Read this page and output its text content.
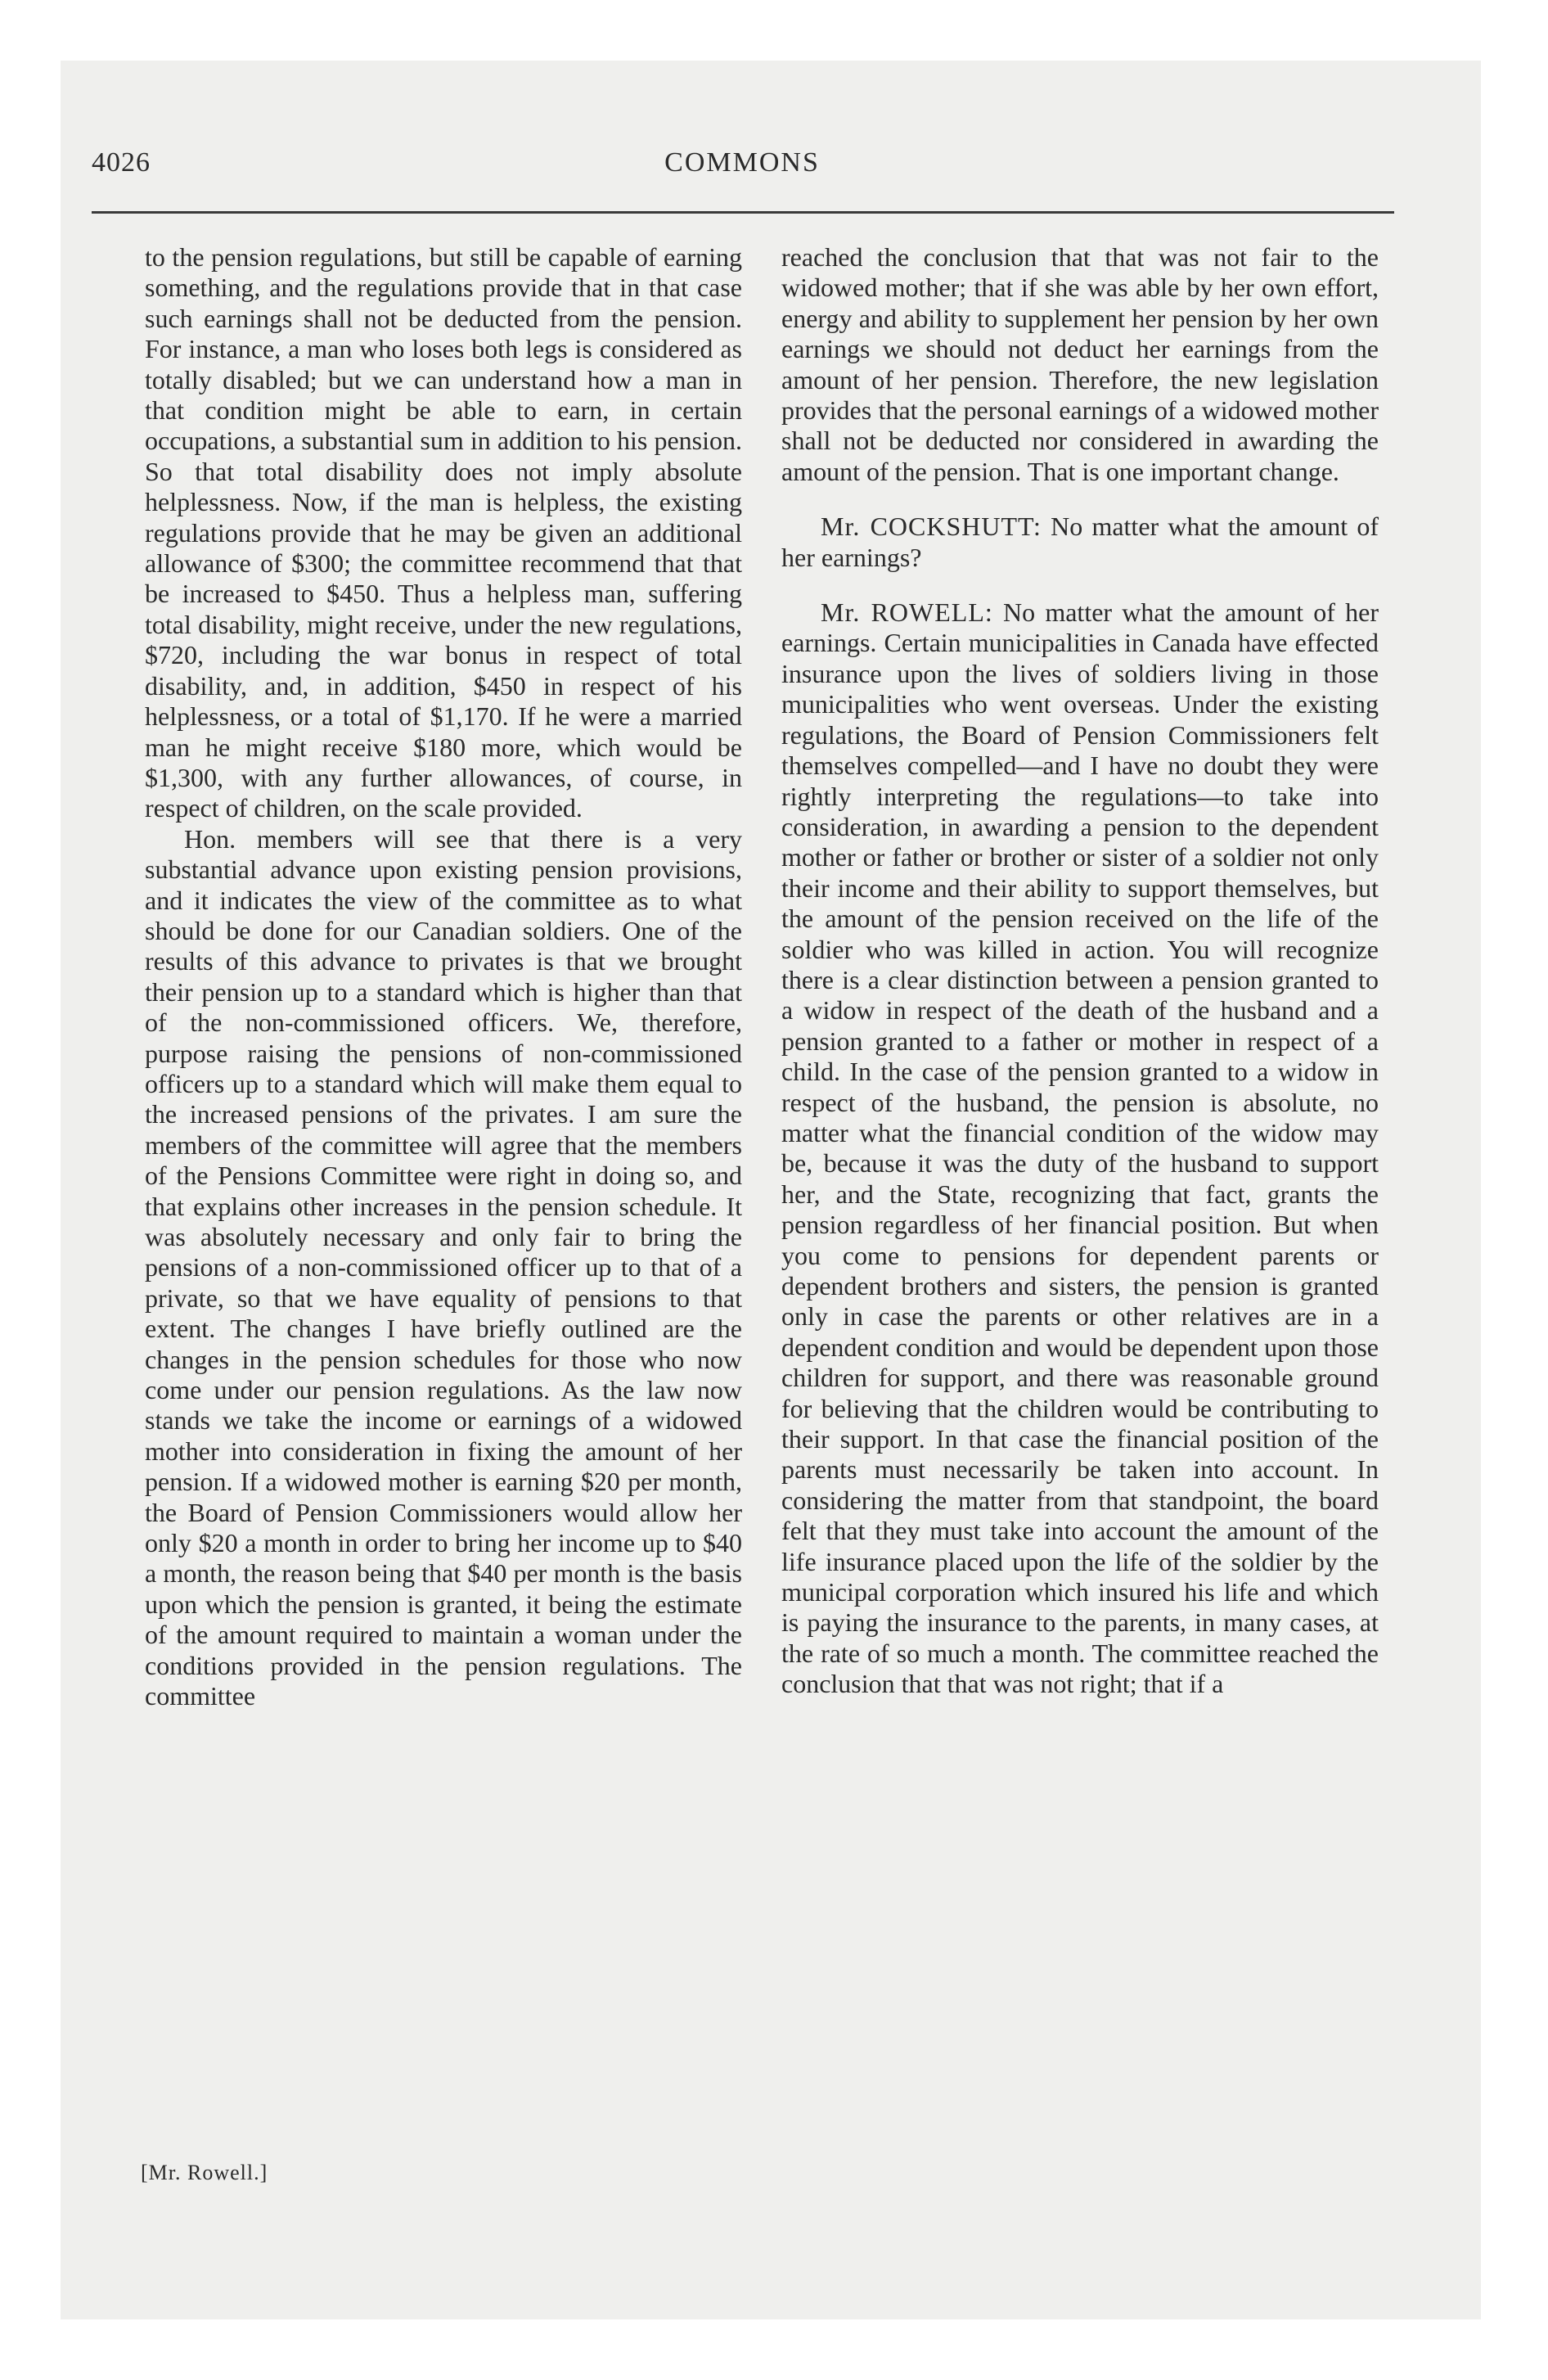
4026	COMMONS

to the pension regulations, but still be capable of earning something, and the regulations provide that in that case such earnings shall not be deducted from the pension. For instance, a man who loses both legs is considered as totally disabled; but we can understand how a man in that condition might be able to earn, in certain occupations, a substantial sum in addition to his pension. So that total disability does not imply absolute helplessness. Now, if the man is helpless, the existing regulations provide that he may be given an additional allowance of $300; the committee recommend that that be increased to $450. Thus a helpless man, suffering total disability, might receive, under the new regulations, $720, including the war bonus in respect of total disability, and, in addition, $450 in respect of his helplessness, or a total of $1,170. If he were a married man he might receive $180 more, which would be $1,300, with any further allowances, of course, in respect of children, on the scale provided.

Hon. members will see that there is a very substantial advance upon existing pension provisions, and it indicates the view of the committee as to what should be done for our Canadian soldiers. One of the results of this advance to privates is that we brought their pension up to a standard which is higher than that of the non-commissioned officers. We, therefore, purpose raising the pensions of non-commissioned officers up to a standard which will make them equal to the increased pensions of the privates. I am sure the members of the committee will agree that the members of the Pensions Committee were right in doing so, and that explains other increases in the pension schedule. It was absolutely necessary and only fair to bring the pensions of a non-commissioned officer up to that of a private, so that we have equality of pensions to that extent. The changes I have briefly outlined are the changes in the pension schedules for those who now come under our pension regulations. As the law now stands we take the income or earnings of a widowed mother into consideration in fixing the amount of her pension. If a widowed mother is earning $20 per month, the Board of Pension Commissioners would allow her only $20 a month in order to bring her income up to $40 a month, the reason being that $40 per month is the basis upon which the pension is granted, it being the estimate of the amount required to maintain a woman under the conditions provided in the pension regulations. The committee

reached the conclusion that that was not fair to the widowed mother; that if she was able by her own effort, energy and ability to supplement her pension by her own earnings we should not deduct her earnings from the amount of her pension. Therefore, the new legislation provides that the personal earnings of a widowed mother shall not be deducted nor considered in awarding the amount of the pension. That is one important change.

Mr. COCKSHUTT: No matter what the amount of her earnings?

Mr. ROWELL: No matter what the amount of her earnings. Certain municipalities in Canada have effected insurance upon the lives of soldiers living in those municipalities who went overseas. Under the existing regulations, the Board of Pension Commissioners felt themselves compelled—and I have no doubt they were rightly interpreting the regulations—to take into consideration, in awarding a pension to the dependent mother or father or brother or sister of a soldier not only their income and their ability to support themselves, but the amount of the pension received on the life of the soldier who was killed in action. You will recognize there is a clear distinction between a pension granted to a widow in respect of the death of the husband and a pension granted to a father or mother in respect of a child. In the case of the pension granted to a widow in respect of the husband, the pension is absolute, no matter what the financial condition of the widow may be, because it was the duty of the husband to support her, and the State, recognizing that fact, grants the pension regardless of her financial position. But when you come to pensions for dependent parents or dependent brothers and sisters, the pension is granted only in case the parents or other relatives are in a dependent condition and would be dependent upon those children for support, and there was reasonable ground for believing that the children would be contributing to their support. In that case the financial position of the parents must necessarily be taken into account. In considering the matter from that standpoint, the board felt that they must take into account the amount of the life insurance placed upon the life of the soldier by the municipal corporation which insured his life and which is paying the insurance to the parents, in many cases, at the rate of so much a month. The committee reached the conclusion that that was not right; that if a

[Mr. Rowell.]
